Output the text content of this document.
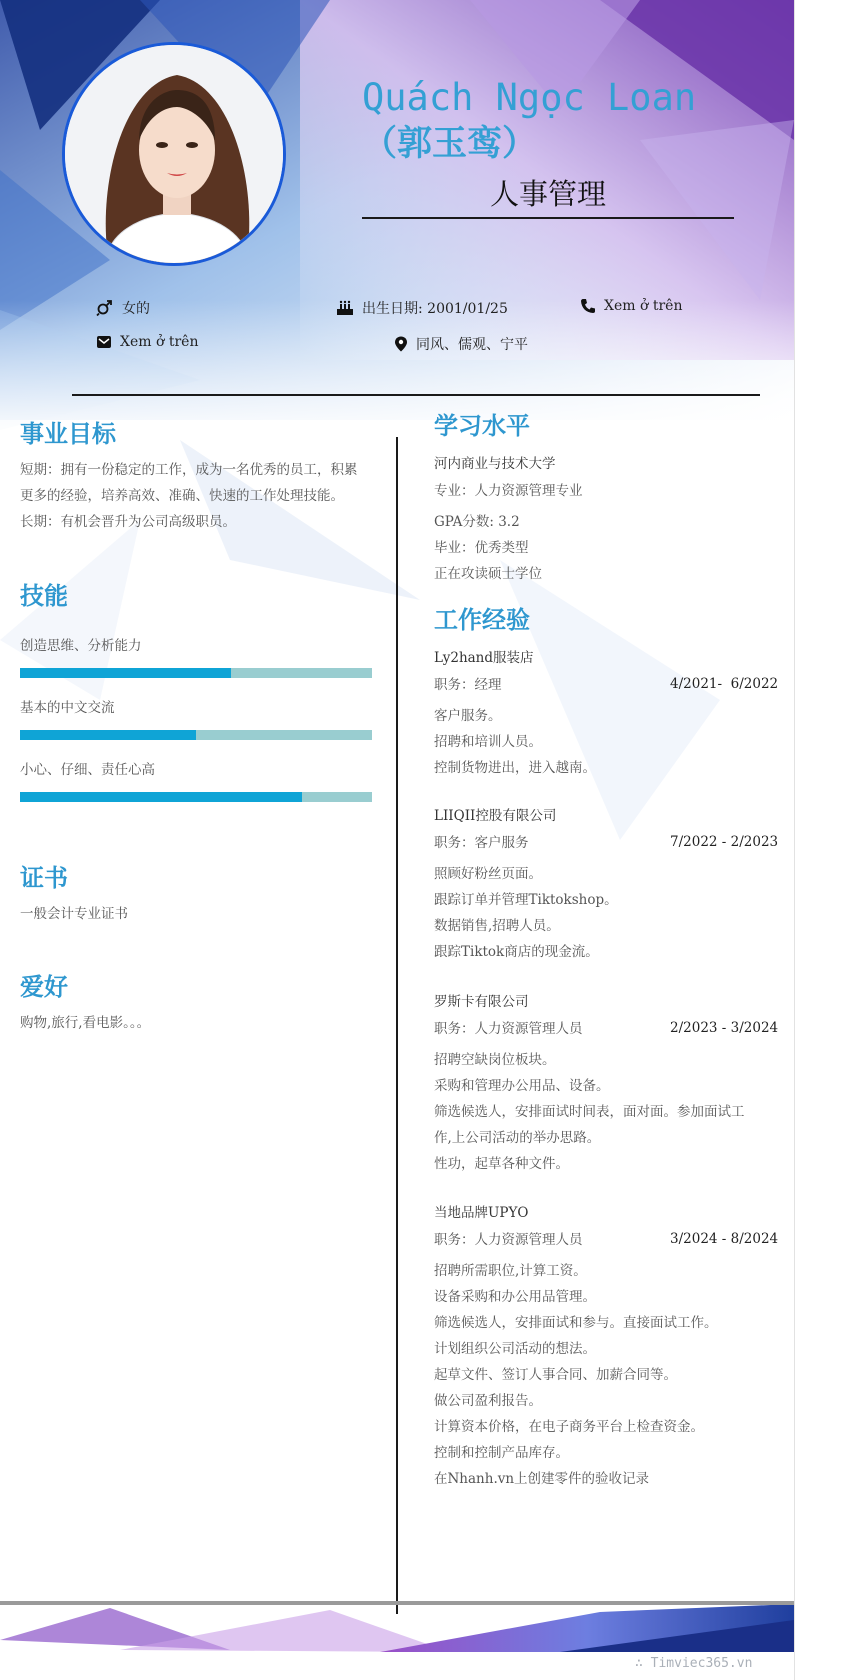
Quách Ngọc Loan
（郭玉鸾）
人事管理
女的	出生日期: 2001/01/25	Xem ở trên
Xem ở trên	同风、儒观、宁平
事业目标
短期：拥有一份稳定的工作，成为一名优秀的员工，积累
更多的经验，培养高效、准确、快速的工作处理技能。
长期：有机会晋升为公司高级职员。
技能
创造思维、分析能力
基本的中文交流
小心、仔细、责任心高
证书
一般会计专业证书
爱好
购物,旅行,看电影。。。
学习水平
河内商业与技术大学
专业：人力资源管理专业
GPA分数: 3.2
毕业：优秀类型
正在攻读硕士学位
工作经验
Ly2hand服装店
职务：经理	4/2021-  6/2022
客户服务。
招聘和培训人员。
控制货物进出，进入越南。
LIIQII控股有限公司
职务：客户服务	7/2022 - 2/2023
照顾好粉丝页面。
跟踪订单并管理Tiktokshop。
数据销售,招聘人员。
跟踪Tiktok商店的现金流。
罗斯卡有限公司
职务：人力资源管理人员	2/2023 - 3/2024
招聘空缺岗位板块。
采购和管理办公用品、设备。
筛选候选人，安排面试时间表，面对面。参加面试工
作,上公司活动的举办思路。
性功，起草各种文件。
当地品牌UPYO
职务：人力资源管理人员	3/2024 - 8/2024
招聘所需职位,计算工资。
设备采购和办公用品管理。
筛选候选人，安排面试和参与。直接面试工作。
计划组织公司活动的想法。
起草文件、签订人事合同、加薪合同等。
做公司盈利报告。
计算资本价格，在电子商务平台上检查资金。
控制和控制产品库存。
在Nhanh.vn上创建零件的验收记录
∴ Timviec365.vn
